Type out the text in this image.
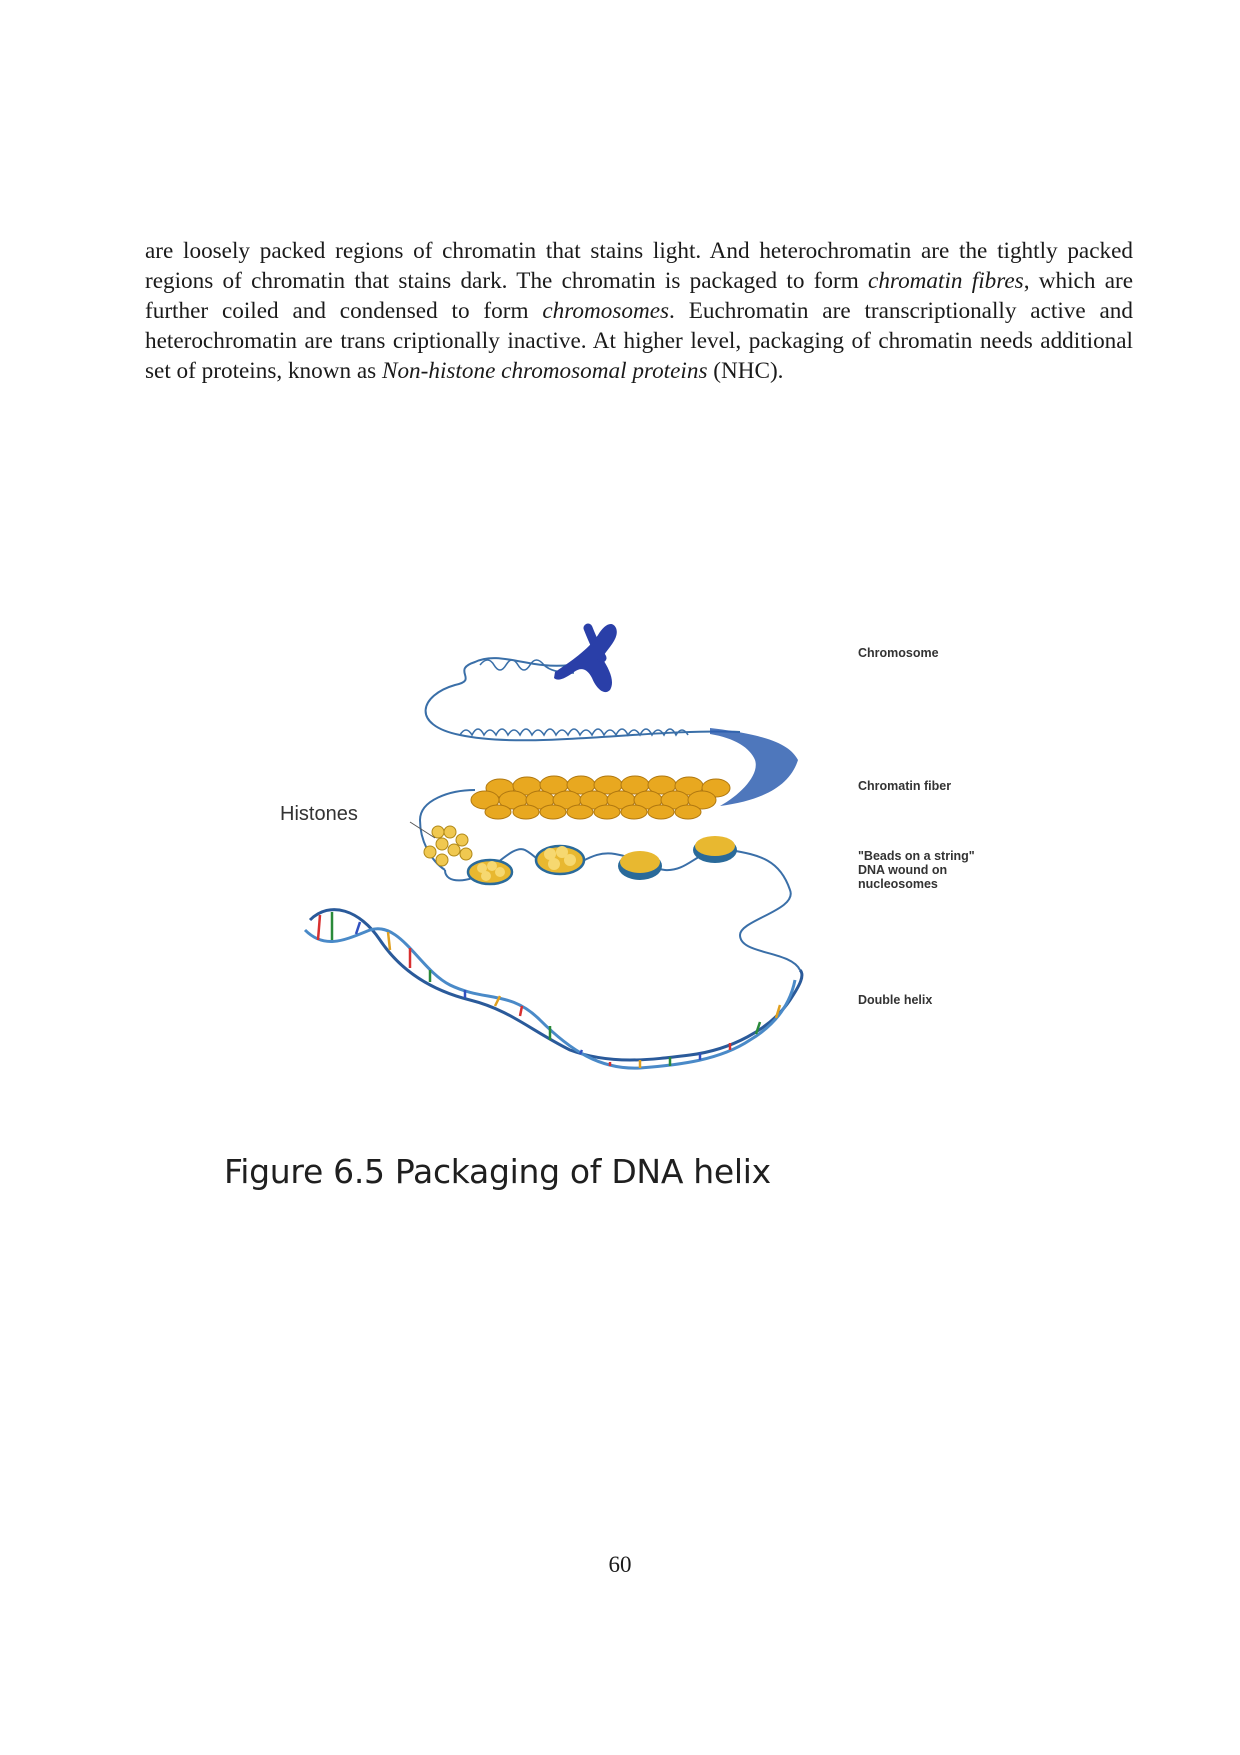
are loosely packed regions of chromatin that stains light. And heterochromatin are the tightly packed regions of chromatin that stains dark. The chromatin is packaged to form chromatin fibres, which are further coiled and condensed to form chromosomes. Euchromatin are transcriptionally active and heterochromatin are trans criptionally inactive. At higher level, packaging of chromatin needs additional set of proteins, known as Non-histone chromosomal proteins (NHC).

Chromosome
Chromatin fiber
"Beads on a string"
DNA wound on
nucleosomes
Double helix
Histones
Figure 6.5 Packaging of DNA helix
60
